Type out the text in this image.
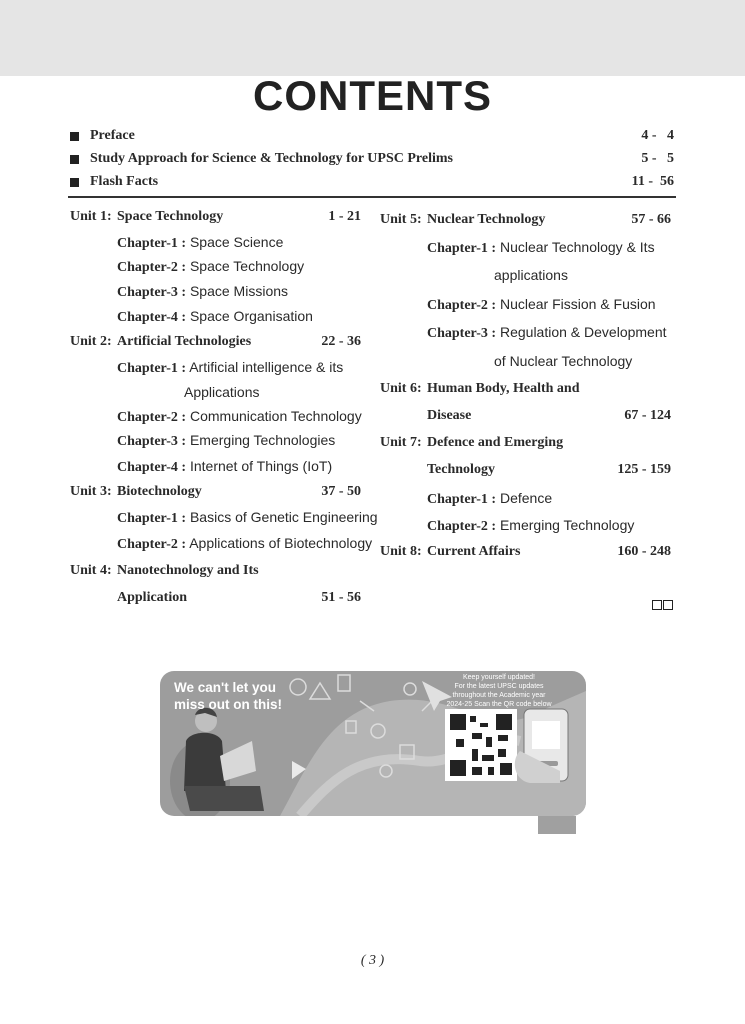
CONTENTS
Preface	4 -   4
Study Approach for Science & Technology for UPSC Prelims	5 -   5
Flash Facts	11 -  56
Unit 1: Space Technology	1 - 21
Chapter-1 : Space Science
Chapter-2 : Space Technology
Chapter-3 : Space Missions
Chapter-4 : Space Organisation
Unit 2: Artificial Technologies	22 - 36
Chapter-1 : Artificial intelligence & its
Applications
Chapter-2 : Communication Technology
Chapter-3 : Emerging Technologies
Chapter-4 : Internet of Things (IoT)
Unit 3: Biotechnology	37 - 50
Chapter-1 : Basics of Genetic Engineering
Chapter-2 : Applications of Biotechnology
Unit 4: Nanotechnology and Its
Application	51 - 56
Unit 5: Nuclear Technology	57 - 66
Chapter-1 : Nuclear Technology & Its
applications
Chapter-2 : Nuclear Fission & Fusion
Chapter-3 : Regulation & Development
of Nuclear Technology
Unit 6: Human Body, Health and
Disease	67 - 124
Unit 7: Defence and Emerging
Technology	125 - 159
Chapter-1 : Defence
Chapter-2 : Emerging Technology
Unit 8: Current Affairs	160 - 248
We can't let you
miss out on this!
Keep yourself updated!
For the latest UPSC updates
throughout the Academic year
2024-25 Scan the QR code below
( 3 )
